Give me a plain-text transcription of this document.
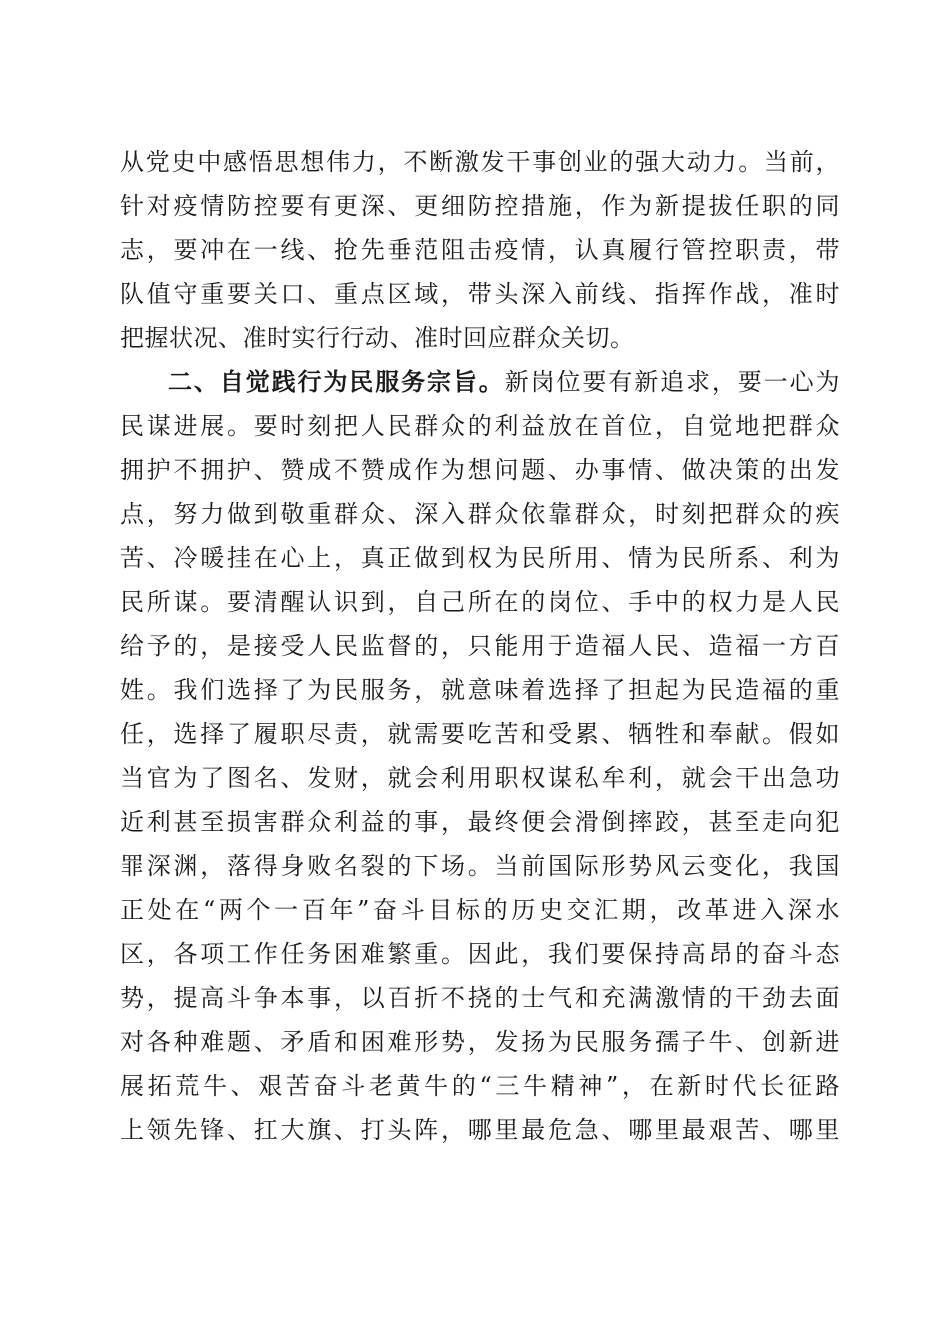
从党史中感悟思想伟力，不断激发干事创业的强大动力。当前，
针对疫情防控要有更深、更细防控措施，作为新提拔任职的同
志，要冲在一线、抢先垂范阻击疫情，认真履行管控职责，带
队值守重要关口、重点区域，带头深入前线、指挥作战，准时
把握状况、准时实行行动、准时回应群众关切。
二、自觉践行为民服务宗旨。新岗位要有新追求，要一心为
民谋进展。要时刻把人民群众的利益放在首位，自觉地把群众
拥护不拥护、赞成不赞成作为想问题、办事情、做决策的出发
点，努力做到敬重群众、深入群众依靠群众，时刻把群众的疾
苦、冷暖挂在心上，真正做到权为民所用、情为民所系、利为
民所谋。要清醒认识到，自己所在的岗位、手中的权力是人民
给予的，是接受人民监督的，只能用于造福人民、造福一方百
姓。我们选择了为民服务，就意味着选择了担起为民造福的重
任，选择了履职尽责，就需要吃苦和受累、牺牲和奉献。假如
当官为了图名、发财，就会利用职权谋私牟利，就会干出急功
近利甚至损害群众利益的事，最终便会滑倒摔跤，甚至走向犯
罪深渊，落得身败名裂的下场。当前国际形势风云变化，我国
正处在“两个一百年”奋斗目标的历史交汇期，改革进入深水
区，各项工作任务困难繁重。因此，我们要保持高昂的奋斗态
势，提高斗争本事，以百折不挠的士气和充满激情的干劲去面
对各种难题、矛盾和困难形势，发扬为民服务孺子牛、创新进
展拓荒牛、艰苦奋斗老黄牛的“三牛精神”，在新时代长征路
上领先锋、扛大旗、打头阵，哪里最危急、哪里最艰苦、哪里
